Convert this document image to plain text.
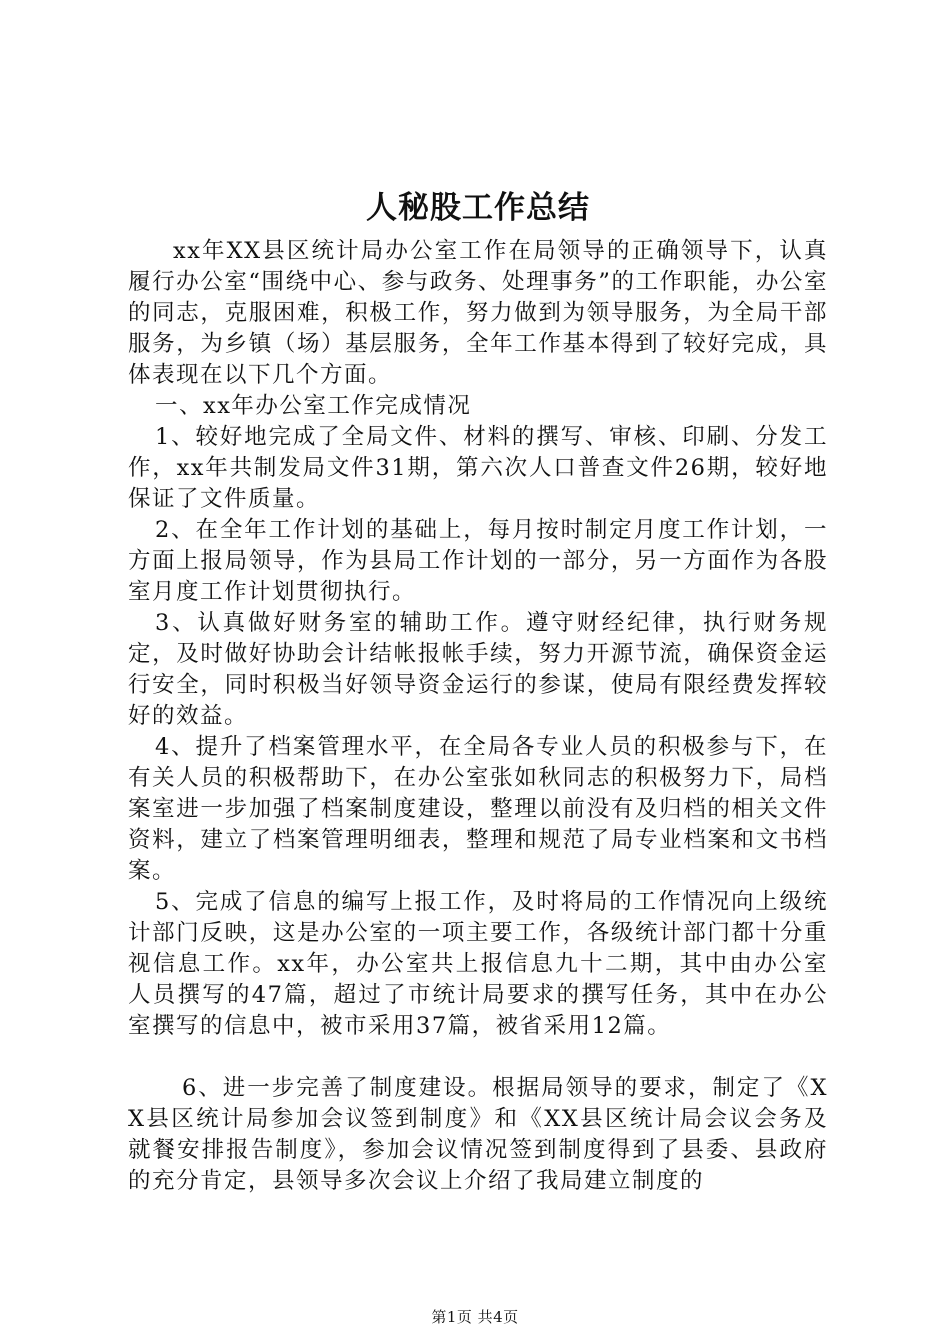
人秘股工作总结

xx年XX县区统计局办公室工作在局领导的正确领导下，认真履行办公室“围绕中心、参与政务、处理事务”的工作职能，办公室的同志，克服困难，积极工作，努力做到为领导服务，为全局干部服务，为乡镇（场）基层服务，全年工作基本得到了较好完成，具体表现在以下几个方面。

一、xx年办公室工作完成情况

1、较好地完成了全局文件、材料的撰写、审核、印刷、分发工作，xx年共制发局文件31期，第六次人口普查文件26期，较好地保证了文件质量。

2、在全年工作计划的基础上，每月按时制定月度工作计划，一方面上报局领导，作为县局工作计划的一部分，另一方面作为各股室月度工作计划贯彻执行。

3、认真做好财务室的辅助工作。遵守财经纪律，执行财务规定，及时做好协助会计结帐报帐手续，努力开源节流，确保资金运行安全，同时积极当好领导资金运行的参谋，使局有限经费发挥较好的效益。

4、提升了档案管理水平，在全局各专业人员的积极参与下，在有关人员的积极帮助下，在办公室张如秋同志的积极努力下，局档案室进一步加强了档案制度建设，整理以前没有及归档的相关文件资料，建立了档案管理明细表，整理和规范了局专业档案和文书档案。

5、完成了信息的编写上报工作，及时将局的工作情况向上级统计部门反映，这是办公室的一项主要工作，各级统计部门都十分重视信息工作。xx年，办公室共上报信息九十二期，其中由办公室人员撰写的47篇，超过了市统计局要求的撰写任务，其中在办公室撰写的信息中，被市采用37篇，被省采用12篇。

6、进一步完善了制度建设。根据局领导的要求，制定了《XX县区统计局参加会议签到制度》和《XX县区统计局会议会务及就餐安排报告制度》，参加会议情况签到制度得到了县委、县政府的充分肯定，县领导多次会议上介绍了我局建立制度的

第1页 共4页
